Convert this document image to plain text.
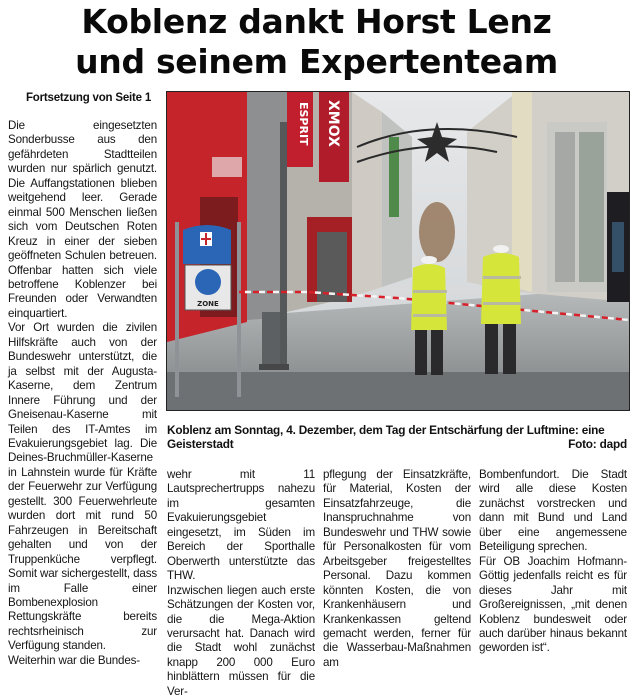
Koblenz dankt Horst Lenz
und seinem Expertenteam
Fortsetzung von Seite 1

Die eingesetzten Sonderbusse aus den gefährdeten Stadtteilen wurden nur spärlich genutzt. Die Auffangstationen blieben weitgehend leer. Gerade einmal 500 Menschen ließen sich vom Deutschen Roten Kreuz in einer der sieben geöffneten Schulen betreuen. Offenbar hatten sich viele betroffene Koblenzer bei Freunden oder Verwandten einquartiert.

Vor Ort wurden die zivilen Hilfskräfte auch von der Bundeswehr unterstützt, die ja selbst mit der Augusta-Kaserne, dem Zentrum Innere Führung und der Gneisenau-Kaserne mit Teilen des IT-Amtes im Evakuierungsgebiet lag. Die Deines-Bruchmüller-Kaserne in Lahnstein wurde für Kräfte der Feuerwehr zur Verfügung gestellt. 300 Feuerwehrleute wurden dort mit rund 50 Fahrzeugen in Bereitschaft gehalten und von der Truppenküche verpflegt. Somit war sichergestellt, dass im Falle einer Bombenexplosion Rettungskräfte bereits rechtsrheinisch zur Verfügung standen.

Weiterhin war die Bundes-

ESPRIT XMOX
ZONE
Koblenz am Sonntag, 4. Dezember, dem Tag der Entschärfung der Luftmine: eine Geisterstadt	Foto: dapd

wehr mit 11 Lautsprechertrupps nahezu im gesamten Evakuierungsgebiet eingesetzt, im Süden im Bereich der Sporthalle Oberwerth unterstützte das THW.

Inzwischen liegen auch erste Schätzungen der Kosten vor, die die Mega-Aktion verursacht hat. Danach wird die Stadt wohl zunächst knapp 200 000 Euro hinblättern müssen für die Ver-

pflegung der Einsatzkräfte, für Material, Kosten der Einsatzfahrzeuge, die Inanspruchnahme von Bundeswehr und THW sowie für Personalkosten für vom Arbeitsgeber freigestelltes Personal. Dazu kommen könnten Kosten, die von Krankenhäusern und Krankenkassen geltend gemacht werden, ferner für die Wasserbau-Maßnahmen am

Bombenfundort. Die Stadt wird alle diese Kosten zunächst vorstrecken und dann mit Bund und Land über eine angemessene Beteiligung sprechen.

Für OB Joachim Hofmann-Göttig jedenfalls reicht es für dieses Jahr mit Großereignissen, „mit denen Koblenz bundesweit oder auch darüber hinaus bekannt geworden ist“.
